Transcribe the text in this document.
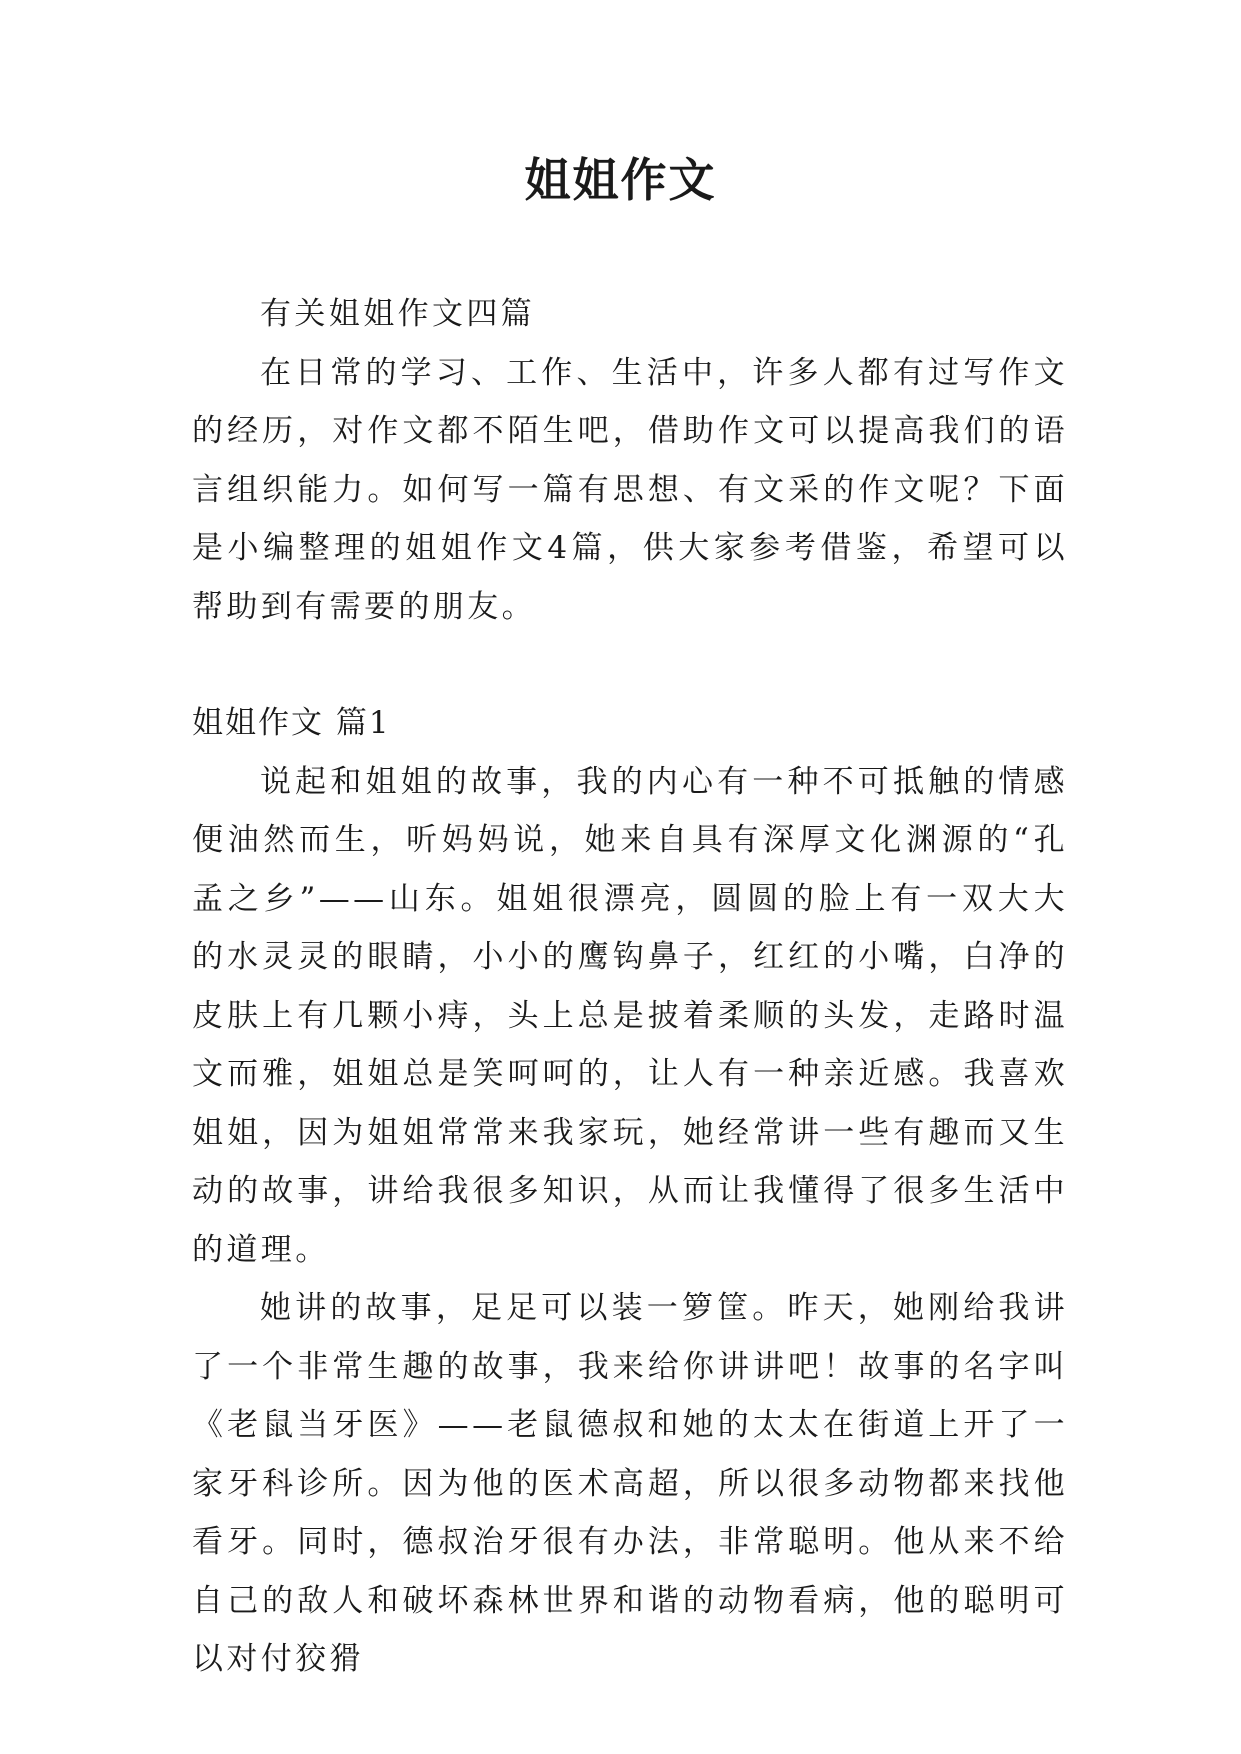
姐姐作文

有关姐姐作文四篇

在日常的学习、工作、生活中，许多人都有过写作文的经历，对作文都不陌生吧，借助作文可以提高我们的语言组织能力。如何写一篇有思想、有文采的作文呢？下面是小编整理的姐姐作文4篇，供大家参考借鉴，希望可以帮助到有需要的朋友。

姐姐作文 篇1

说起和姐姐的故事，我的内心有一种不可抵触的情感便油然而生，听妈妈说，她来自具有深厚文化渊源的“孔孟之乡”——山东。姐姐很漂亮，圆圆的脸上有一双大大的水灵灵的眼睛，小小的鹰钩鼻子，红红的小嘴，白净的皮肤上有几颗小痔，头上总是披着柔顺的头发，走路时温文而雅，姐姐总是笑呵呵的，让人有一种亲近感。我喜欢姐姐，因为姐姐常常来我家玩，她经常讲一些有趣而又生动的故事，讲给我很多知识，从而让我懂得了很多生活中的道理。

她讲的故事，足足可以装一箩筐。昨天，她刚给我讲了一个非常生趣的故事，我来给你讲讲吧！故事的名字叫《老鼠当牙医》——老鼠德叔和她的太太在街道上开了一家牙科诊所。因为他的医术高超，所以很多动物都来找他看牙。同时，德叔治牙很有办法，非常聪明。他从来不给自己的敌人和破坏森林世界和谐的动物看病，他的聪明可以对付狡猾
